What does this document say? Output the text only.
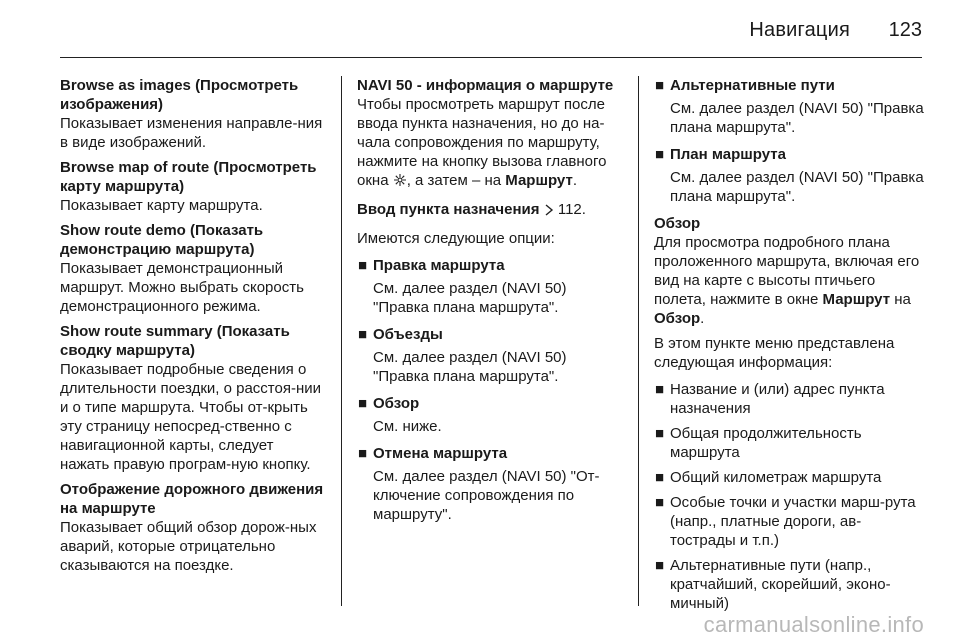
Навигация 123

Browse as images (Просмотреть изображения)

Показывает изменения направле-ния в виде изображений.

Browse map of route (Просмотреть карту маршрута)

Показывает карту маршрута.

Show route demo (Показать демонстрацию маршрута)

Показывает демонстрационный маршрут. Можно выбрать скорость демонстрационного режима.

Show route summary (Показать сводку маршрута)

Показывает подробные сведения о длительности поездки, о расстоя-нии и о типе маршрута. Чтобы от-крыть эту страницу непосред-ственно с навигационной карты, следует нажать правую програм-ную кнопку.

Отображение дорожного движения на маршруте

Показывает общий обзор дорож-ных аварий, которые отрицательно сказываются на поездке.

NAVI 50 - информация о маршруте

Чтобы просмотреть маршрут после ввода пункта назначения, но до на-чала сопровождения по маршруту, нажмите на кнопку вызова главного окна , а затем – на Маршрут.

Ввод пункта назначения 112.

Имеются следующие опции:

■ Правка маршрута

См. далее раздел (NAVI 50) "Правка плана маршрута".

■ Объезды

См. далее раздел (NAVI 50) "Правка плана маршрута".

■ Обзор

См. ниже.

■ Отмена маршрута

См. далее раздел (NAVI 50) "От-ключение сопровождения по маршруту".

■ Альтернативные пути

См. далее раздел (NAVI 50) "Правка плана маршрута".

■ План маршрута

См. далее раздел (NAVI 50) "Правка плана маршрута".

Обзор

Для просмотра подробного плана проложенного маршрута, включая его вид на карте с высоты птичьего полета, нажмите в окне Маршрут на Обзор.

В этом пункте меню представлена следующая информация:

■ Название и (или) адрес пункта назначения

■ Общая продолжительность маршрута

■ Общий километраж маршрута

■ Особые точки и участки марш-рута (напр., платные дороги, ав-тострады и т.п.)

■ Альтернативные пути (напр., кратчайший, скорейший, эконо-мичный)

carmanualsonline.info
